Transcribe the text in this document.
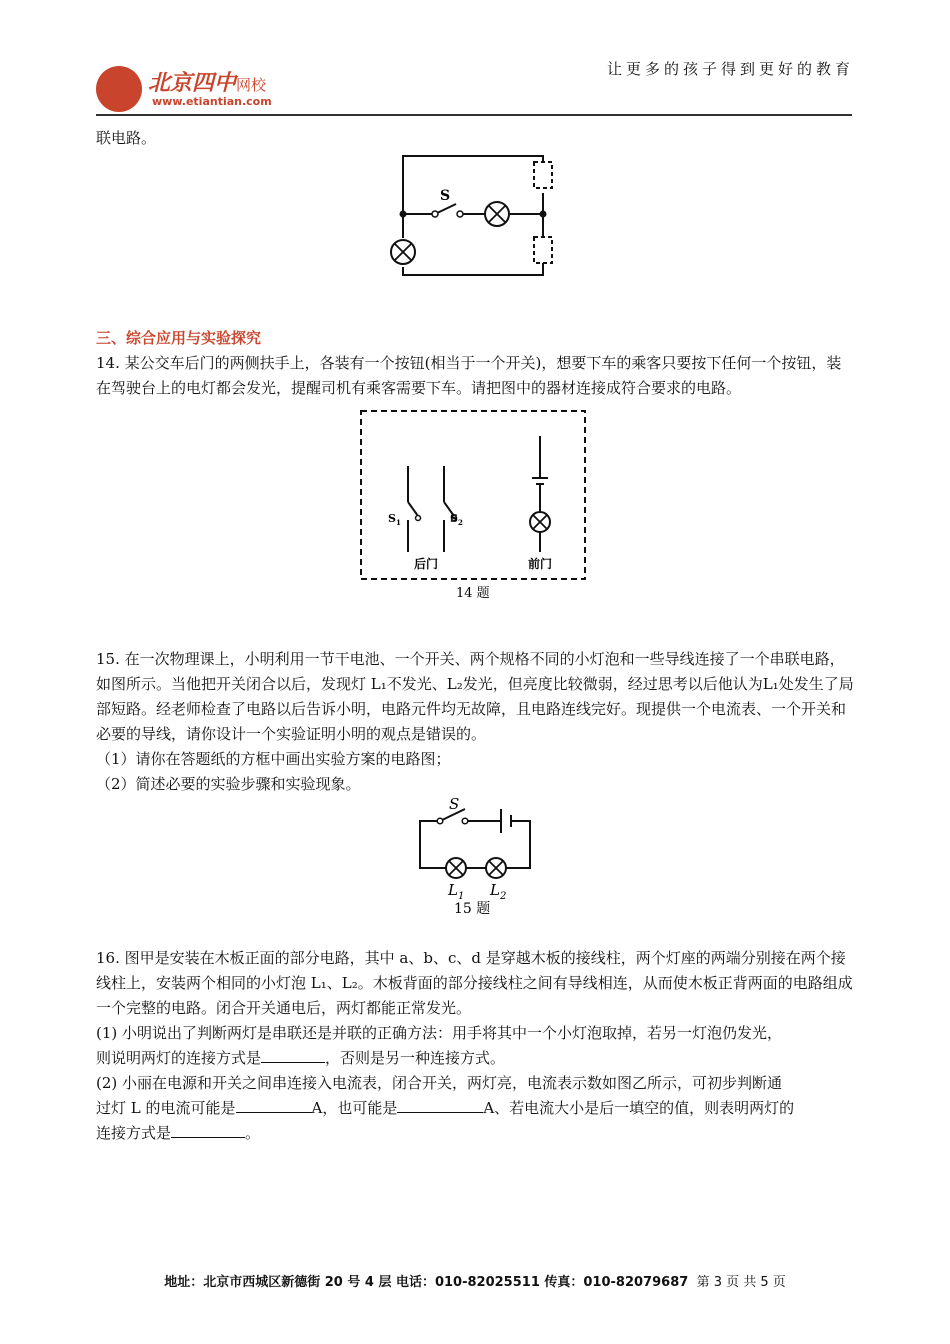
北京四中网校
www.etiantian.com
让更多的孩子得到更好的教育
联电路。
S
三、综合应用与实验探究
14. 某公交车后门的两侧扶手上，各装有一个按钮(相当于一个开关)，想要下车的乘客只要按下任何一个按钮，装在驾驶台上的电灯都会发光，提醒司机有乘客需要下车。请把图中的器材连接成符合要求的电路。
$S_1$	$S_2$
后门	前门
14 题
15. 在一次物理课上，小明利用一节干电池、一个开关、两个规格不同的小灯泡和一些导线连接了一个串联电路，如图所示。当他把开关闭合以后，发现灯 L₁不发光、L₂发光，但亮度比较微弱，经过思考以后他认为L₁处发生了局部短路。经老师检查了电路以后告诉小明，电路元件均无故障，且电路连线完好。现提供一个电流表、一个开关和必要的导线，请你设计一个实验证明小明的观点是错误的。
（1）请你在答题纸的方框中画出实验方案的电路图；
（2）简述必要的实验步骤和实验现象。
S
$L_1$ $L_2$
15 题
16. 图甲是安装在木板正面的部分电路，其中 a、b、c、d 是穿越木板的接线柱，两个灯座的两端分别接在两个接线柱上，安装两个相同的小灯泡 L₁、L₂。木板背面的部分接线柱之间有导线相连，从而使木板正背两面的电路组成一个完整的电路。闭合开关通电后，两灯都能正常发光。
(1) 小明说出了判断两灯是串联还是并联的正确方法：用手将其中一个小灯泡取掉，若另一灯泡仍发光，
则说明两灯的连接方式是	，否则是另一种连接方式。
(2) 小丽在电源和开关之间串连接入电流表，闭合开关，两灯亮，电流表示数如图乙所示，可初步判断通
过灯 L 的电流可能是	A，也可能是	A、若电流大小是后一填空的值，则表明两灯的
连接方式是	。
地址：北京市西城区新德街 20 号 4 层 电话：010-82025511 传真：010-82079687 第 3 页 共 5 页
